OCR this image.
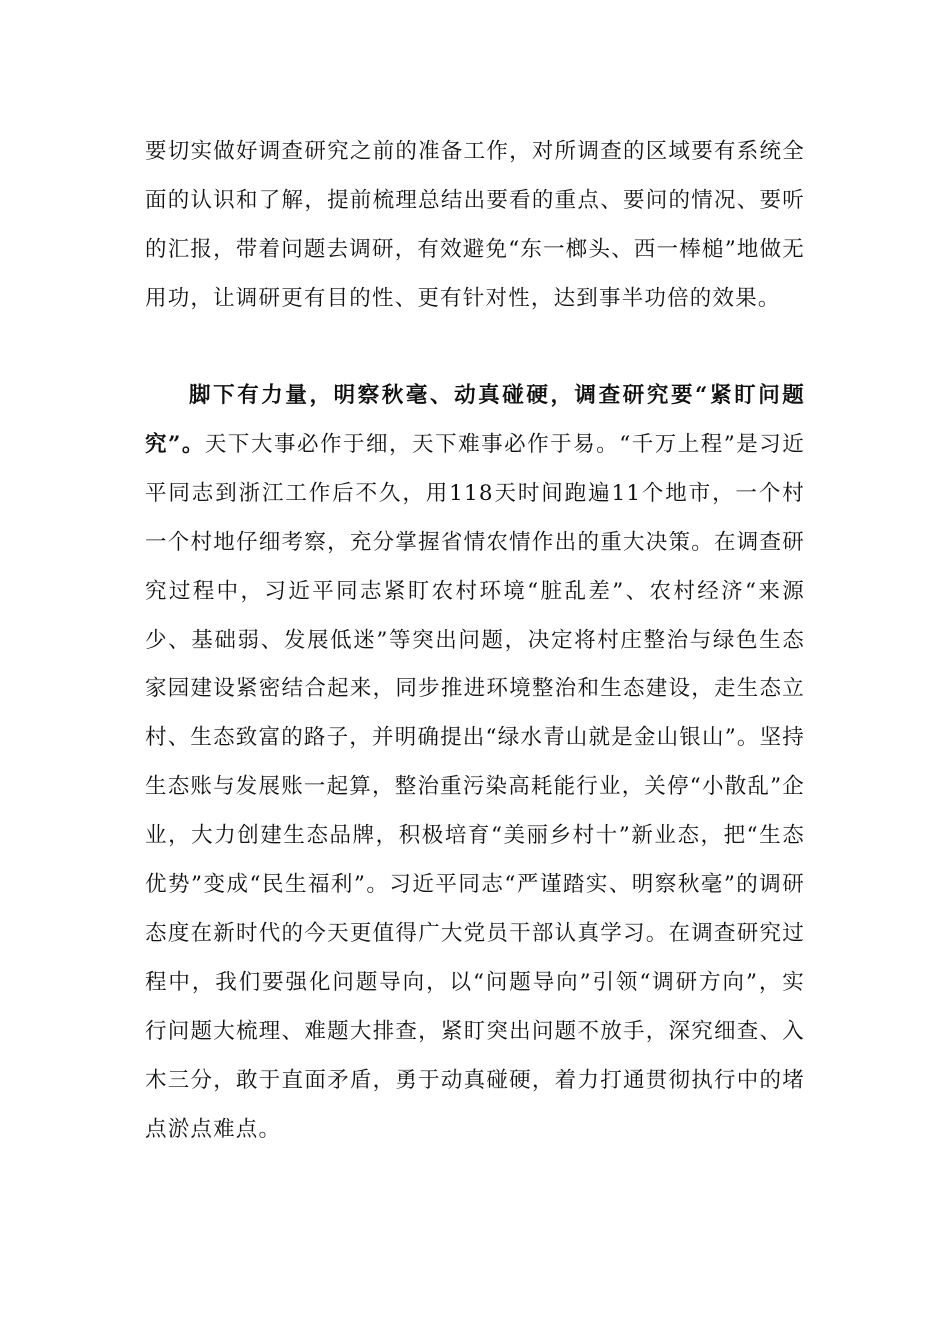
要切实做好调查研究之前的准备工作，对所调查的区域要有系统全面的认识和了解，提前梳理总结出要看的重点、要问的情况、要听的汇报，带着问题去调研，有效避免“东一榔头、西一棒槌”地做无用功，让调研更有目的性、更有针对性，达到事半功倍的效果。

脚下有力量，明察秋毫、动真碰硬，调查研究要“紧盯问题究”。天下大事必作于细，天下难事必作于易。“千万上程”是习近平同志到浙江工作后不久，用118天时间跑遍11个地市，一个村一个村地仔细考察，充分掌握省情农情作出的重大决策。在调查研究过程中，习近平同志紧盯农村环境“脏乱差”、农村经济“来源少、基础弱、发展低迷”等突出问题，决定将村庄整治与绿色生态家园建设紧密结合起来，同步推进环境整治和生态建设，走生态立村、生态致富的路子，并明确提出“绿水青山就是金山银山”。坚持生态账与发展账一起算，整治重污染高耗能行业，关停“小散乱”企业，大力创建生态品牌，积极培育“美丽乡村十”新业态，把“生态优势”变成“民生福利”。习近平同志“严谨踏实、明察秋毫”的调研态度在新时代的今天更值得广大党员干部认真学习。在调查研究过程中，我们要强化问题导向，以“问题导向”引领“调研方向”，实行问题大梳理、难题大排查，紧盯突出问题不放手，深究细查、入木三分，敢于直面矛盾，勇于动真碰硬，着力打通贯彻执行中的堵点淤点难点。
